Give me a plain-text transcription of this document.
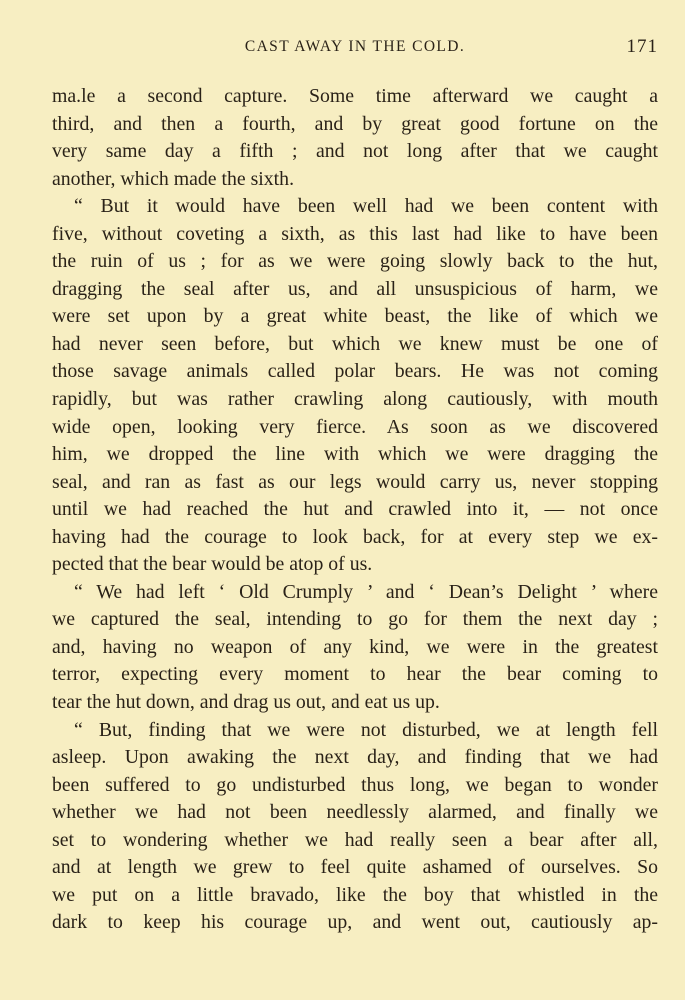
CAST AWAY IN THE COLD.	171
ma.le a second capture. Some time afterward we caught a
third, and then a fourth, and by great good fortune on the
very same day a fifth ; and not long after that we caught
another, which made the sixth.
“ But it would have been well had we been content with
five, without coveting a sixth, as this last had like to have been
the ruin of us ; for as we were going slowly back to the hut,
dragging the seal after us, and all unsuspicious of harm, we
were set upon by a great white beast, the like of which we
had never seen before, but which we knew must be one of
those savage animals called polar bears. He was not coming
rapidly, but was rather crawling along cautiously, with mouth
wide open, looking very fierce. As soon as we discovered
him, we dropped the line with which we were dragging the
seal, and ran as fast as our legs would carry us, never stopping
until we had reached the hut and crawled into it, — not once
having had the courage to look back, for at every step we ex-
pected that the bear would be atop of us.
“ We had left ‘ Old Crumply ’ and ‘ Dean’s Delight ’ where
we captured the seal, intending to go for them the next day ;
and, having no weapon of any kind, we were in the greatest
terror, expecting every moment to hear the bear coming to
tear the hut down, and drag us out, and eat us up.
“ But, finding that we were not disturbed, we at length fell
asleep. Upon awaking the next day, and finding that we had
been suffered to go undisturbed thus long, we began to wonder
whether we had not been needlessly alarmed, and finally we
set to wondering whether we had really seen a bear after all,
and at length we grew to feel quite ashamed of ourselves. So
we put on a little bravado, like the boy that whistled in the
dark to keep his courage up, and went out, cautiously ap-
